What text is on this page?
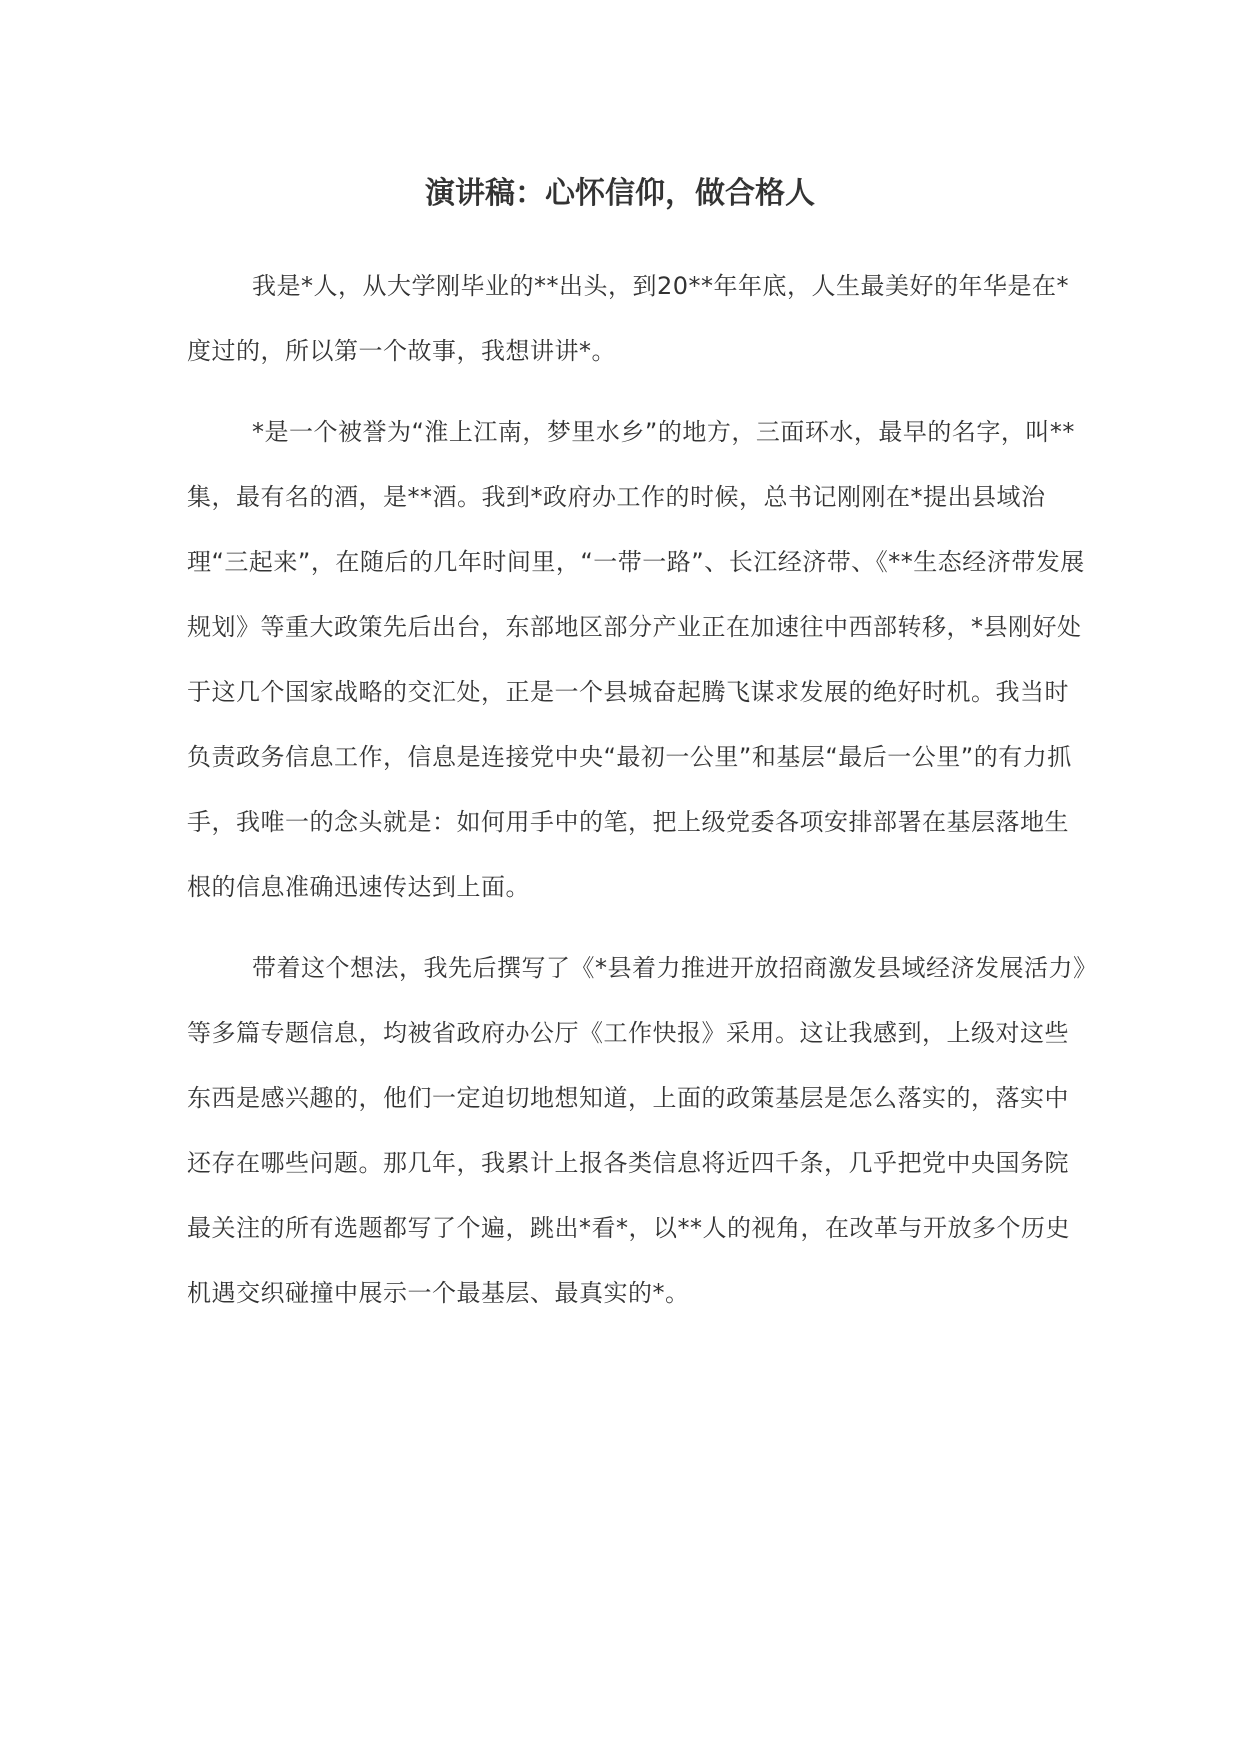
演讲稿：心怀信仰，做合格人

我是*人，从大学刚毕业的**出头，到20**年年底，人生最美好的年华是在*度过的，所以第一个故事，我想讲讲*。

*是一个被誉为“淮上江南，梦里水乡”的地方，三面环水，最早的名字，叫**集，最有名的酒，是**酒。我到*政府办工作的时候，总书记刚刚在*提出县域治理“三起来”，在随后的几年时间里，“一带一路”、长江经济带、《**生态经济带发展规划》等重大政策先后出台，东部地区部分产业正在加速往中西部转移，*县刚好处于这几个国家战略的交汇处，正是一个县城奋起腾飞谋求发展的绝好时机。我当时负责政务信息工作，信息是连接党中央“最初一公里”和基层“最后一公里”的有力抓手，我唯一的念头就是：如何用手中的笔，把上级党委各项安排部署在基层落地生根的信息准确迅速传达到上面。

带着这个想法，我先后撰写了《*县着力推进开放招商激发县域经济发展活力》等多篇专题信息，均被省政府办公厅《工作快报》采用。这让我感到，上级对这些东西是感兴趣的，他们一定迫切地想知道，上面的政策基层是怎么落实的，落实中还存在哪些问题。那几年，我累计上报各类信息将近四千条，几乎把党中央国务院最关注的所有选题都写了个遍，跳出*看*，以**人的视角，在改革与开放多个历史机遇交织碰撞中展示一个最基层、最真实的*。
